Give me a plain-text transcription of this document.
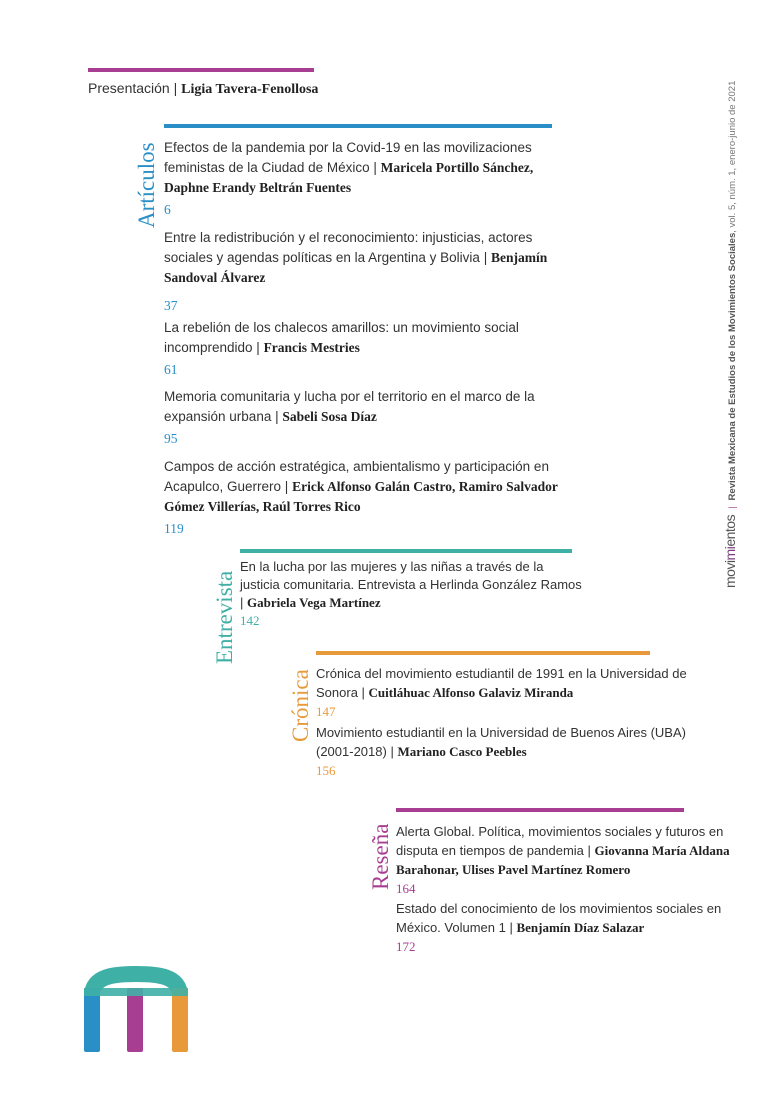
Presentación | Ligia Tavera-Fenollosa
movimientos|Revista Mexicana de Estudios de los Movimientos Sociales, vol. 5, núm. 1, enero-junio de 2021
Artículos Efectos de la pandemia por la Covid-19 en las movilizaciones feministas de la Ciudad de México | Maricela Portillo Sánchez, Daphne Erandy Beltrán Fuentes
6
Entre la redistribución y el reconocimiento: injusticias, actores sociales y agendas políticas en la Argentina y Bolivia | Benjamín Sandoval Álvarez
37
La rebelión de los chalecos amarillos: un movimiento social incomprendido | Francis Mestries
61
Memoria comunitaria y lucha por el territorio en el marco de la expansión urbana | Sabeli Sosa Díaz
95
Campos de acción estratégica, ambientalismo y participación en Acapulco, Guerrero | Erick Alfonso Galán Castro, Ramiro Salvador Gómez Villerías, Raúl Torres Rico
119
Entrevista
En la lucha por las mujeres y las niñas a través de la justicia comunitaria. Entrevista a Herlinda González Ramos | Gabriela Vega Martínez
142
Crónica Crónica del movimiento estudiantil de 1991 en la Universidad de Sonora | Cuitláhuac Alfonso Galaviz Miranda
147
Movimiento estudiantil en la Universidad de Buenos Aires (UBA) (2001-2018) | Mariano Casco Peebles
156
Reseña Alerta Global. Política, movimientos sociales y futuros en disputa en tiempos de pandemia | Giovanna María Aldana Barahonar, Ulises Pavel Martínez Romero
164
Estado del conocimiento de los movimientos sociales en México. Volumen 1 | Benjamín Díaz Salazar
172
